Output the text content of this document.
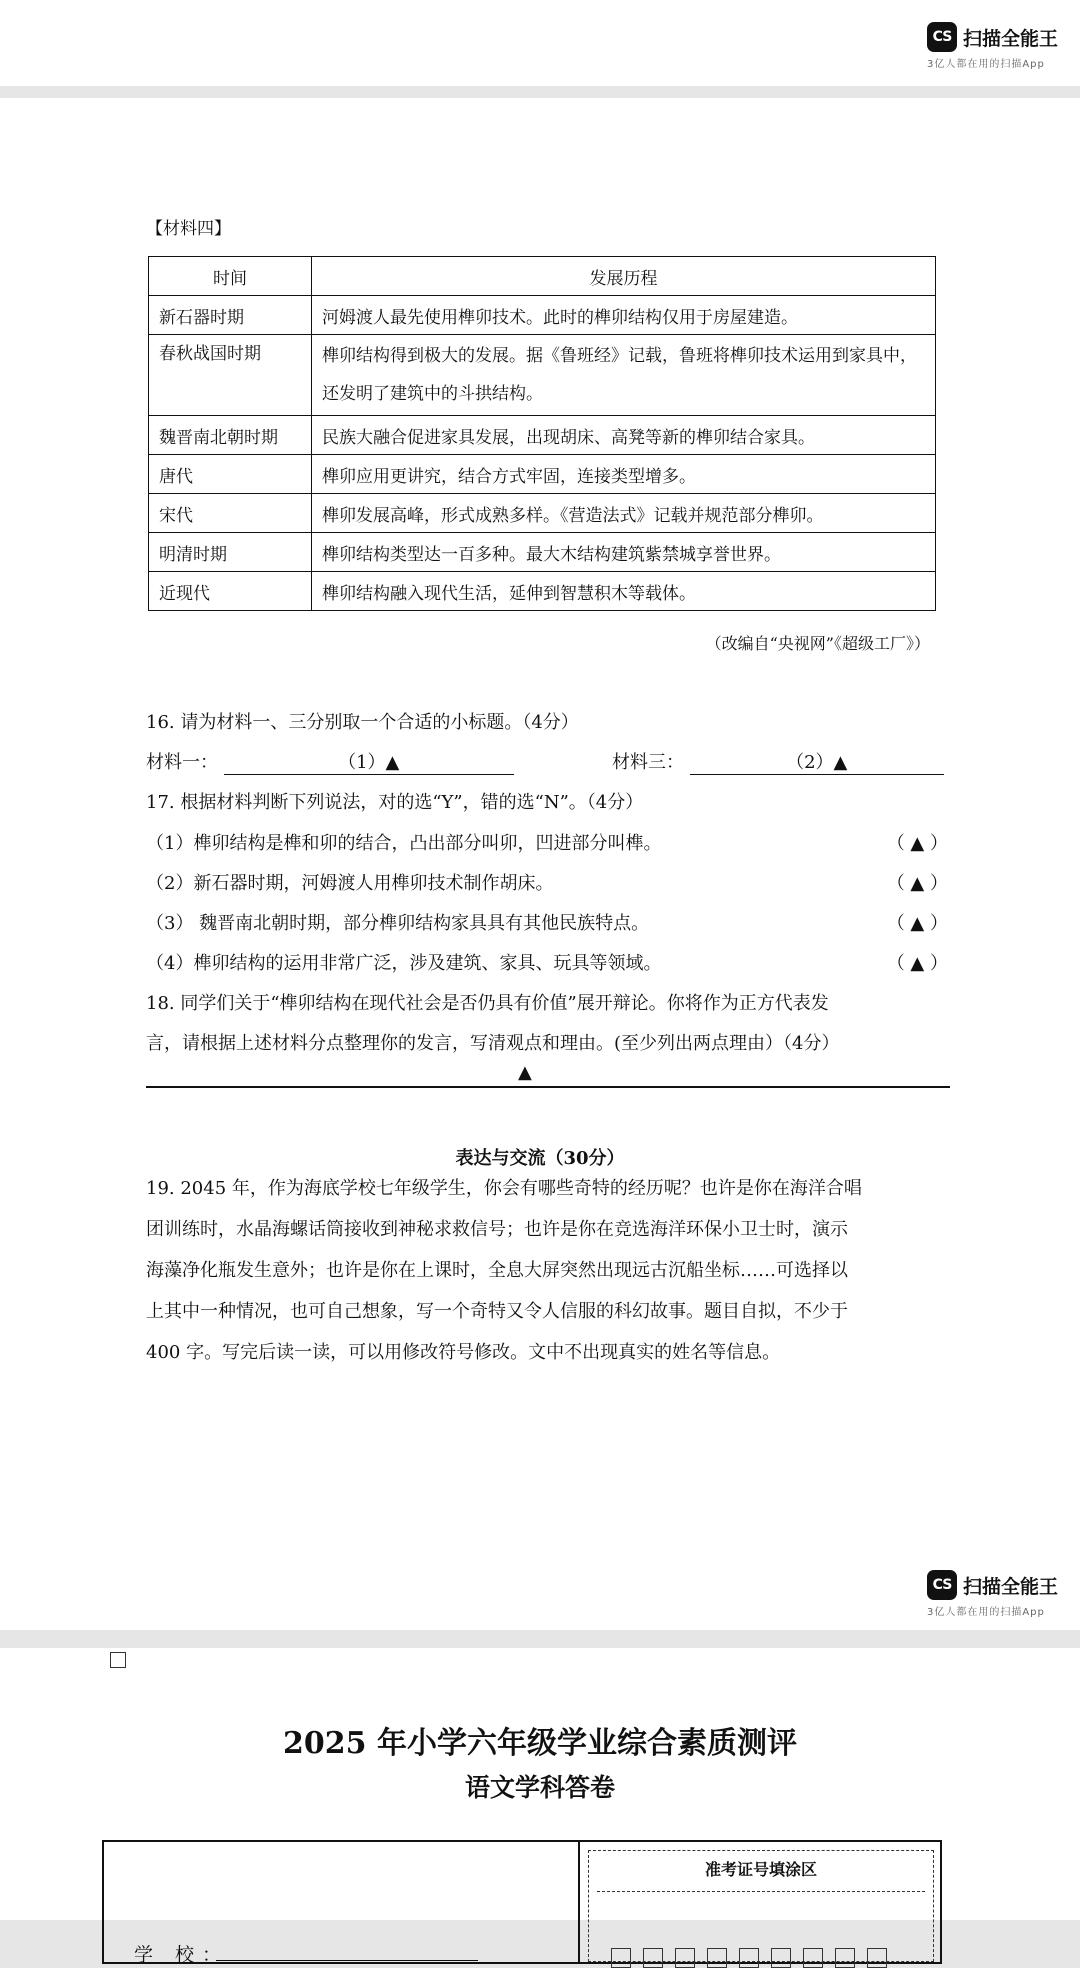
CS 扫描全能王
3亿人都在用的扫描App
【材料四】
时间	发展历程
新石器时期	河姆渡人最先使用榫卯技术。此时的榫卯结构仅用于房屋建造。
春秋战国时期	榫卯结构得到极大的发展。据《鲁班经》记载，鲁班将榫卯技术运用到家具中，还发明了建筑中的斗拱结构。
魏晋南北朝时期	民族大融合促进家具发展，出现胡床、高凳等新的榫卯结合家具。
唐代	榫卯应用更讲究，结合方式牢固，连接类型增多。
宋代	榫卯发展高峰，形式成熟多样。《营造法式》记载并规范部分榫卯。
明清时期	榫卯结构类型达一百多种。最大木结构建筑紫禁城享誉世界。
近现代	榫卯结构融入现代生活，延伸到智慧积木等载体。
（改编自“央视网”《超级工厂》）
16. 请为材料一、三分别取一个合适的小标题。（4分）
材料一：	（1）▲	材料三：	（2）▲
17. 根据材料判断下列说法，对的选“Y”，错的选“N”。（4分）
（1）榫卯结构是榫和卯的结合，凸出部分叫卯，凹进部分叫榫。	（ ▲ ）
（2）新石器时期，河姆渡人用榫卯技术制作胡床。	（ ▲ ）
（3） 魏晋南北朝时期，部分榫卯结构家具具有其他民族特点。	（ ▲ ）
（4）榫卯结构的运用非常广泛，涉及建筑、家具、玩具等领域。	（ ▲ ）
18. 同学们关于“榫卯结构在现代社会是否仍具有价值”展开辩论。你将作为正方代表发
言，请根据上述材料分点整理你的发言，写清观点和理由。(至少列出两点理由）（4分）
▲
表达与交流（30分）
19. 2045 年，作为海底学校七年级学生，你会有哪些奇特的经历呢？也许是你在海洋合唱
团训练时，水晶海螺话筒接收到神秘求救信号；也许是你在竞选海洋环保小卫士时，演示
海藻净化瓶发生意外；也许是你在上课时，全息大屏突然出现远古沉船坐标……可选择以
上其中一种情况，也可自己想象，写一个奇特又令人信服的科幻故事。题目自拟，不少于
400 字。写完后读一读，可以用修改符号修改。文中不出现真实的姓名等信息。
CS 扫描全能王
3亿人都在用的扫描App
2025 年小学六年级学业综合素质测评
语文学科答卷
学 校：
准考证号填涂区
